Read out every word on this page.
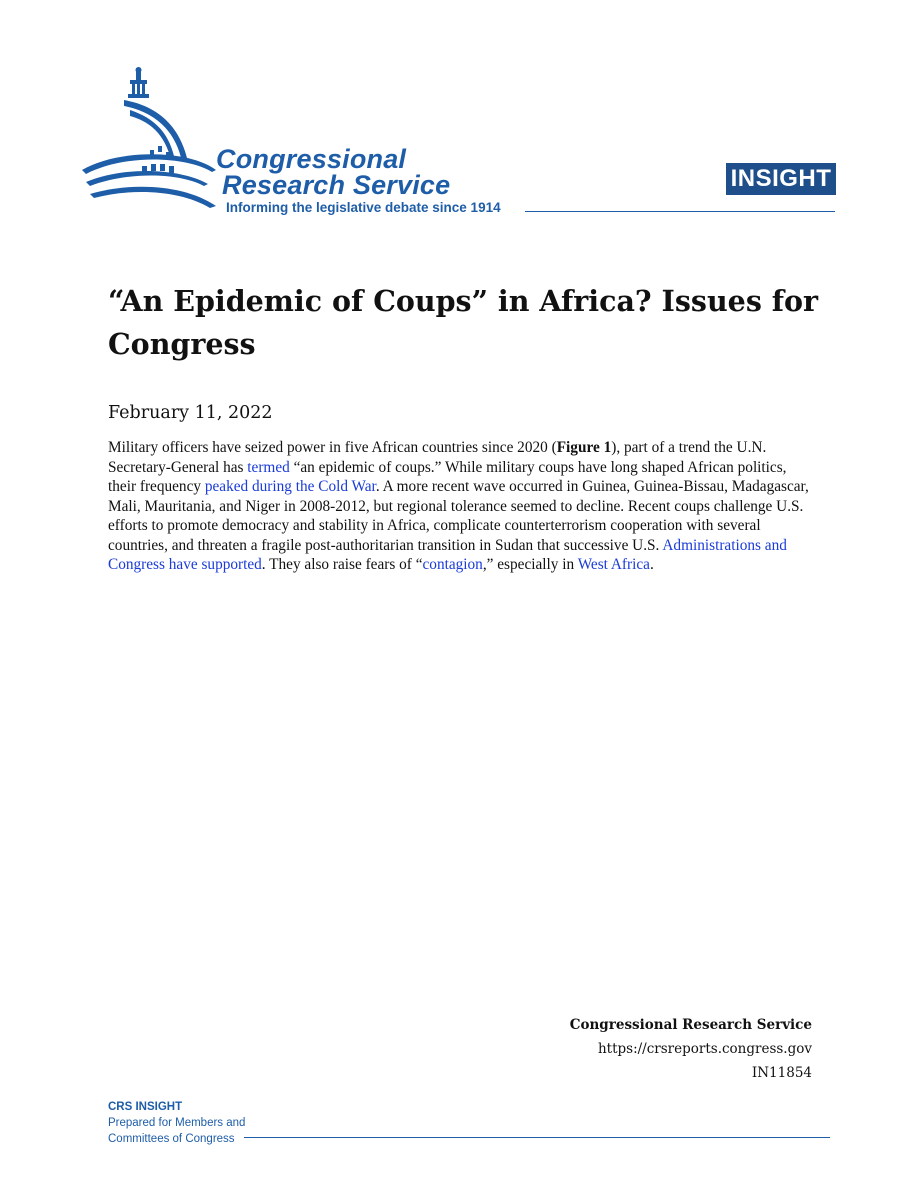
Congressional
Research Service
Informing the legislative debate since 1914
INSIGHT
“An Epidemic of Coups” in Africa? Issues for Congress
February 11, 2022

Military officers have seized power in five African countries since 2020 (Figure 1), part of a trend the U.N. Secretary-General has termed “an epidemic of coups.” While military coups have long shaped African politics, their frequency peaked during the Cold War. A more recent wave occurred in Guinea, Guinea-Bissau, Madagascar, Mali, Mauritania, and Niger in 2008-2012, but regional tolerance seemed to decline. Recent coups challenge U.S. efforts to promote democracy and stability in Africa, complicate counterterrorism cooperation with several countries, and threaten a fragile post-authoritarian transition in Sudan that successive U.S. Administrations and Congress have supported. They also raise fears of “contagion,” especially in West Africa.

Congressional Research Service
https://crsreports.congress.gov
IN11854
CRS INSIGHT
Prepared for Members and
Committees of Congress
